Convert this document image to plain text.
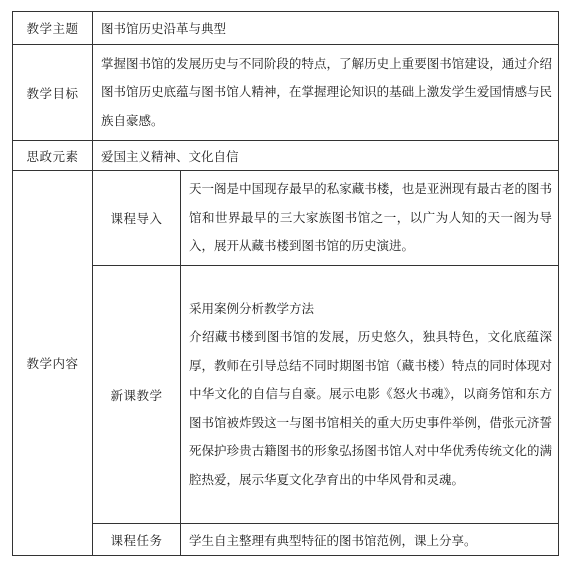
教学主题	图书馆历史沿革与典型	
教学目标	掌握图书馆的发展历史与不同阶段的特点，了解历史上重要图书馆建设，通过介绍图书馆历史底蕴与图书馆人精神，在掌握理论知识的基础上激发学生爱国情感与民族自豪感。	
思政元素	爱国主义精神、文化自信	
教学内容	课程导入	天一阁是中国现存最早的私家藏书楼，也是亚洲现有最古老的图书馆和世界最早的三大家族图书馆之一，以广为人知的天一阁为导入，展开从藏书楼到图书馆的历史演进。
	新课教学	采用案例分析教学方法
介绍藏书楼到图书馆的发展，历史悠久，独具特色，文化底蕴深厚，教师在引导总结不同时期图书馆（藏书楼）特点的同时体现对中华文化的自信与自豪。展示电影《怒火书魂》，以商务馆和东方图书馆被炸毁这一与图书馆相关的重大历史事件举例，借张元济誓死保护珍贵古籍图书的形象弘扬图书馆人对中华优秀传统文化的满腔热爱，展示华夏文化孕育出的中华风骨和灵魂。

	课程任务	学生自主整理有典型特征的图书馆范例，课上分享。
